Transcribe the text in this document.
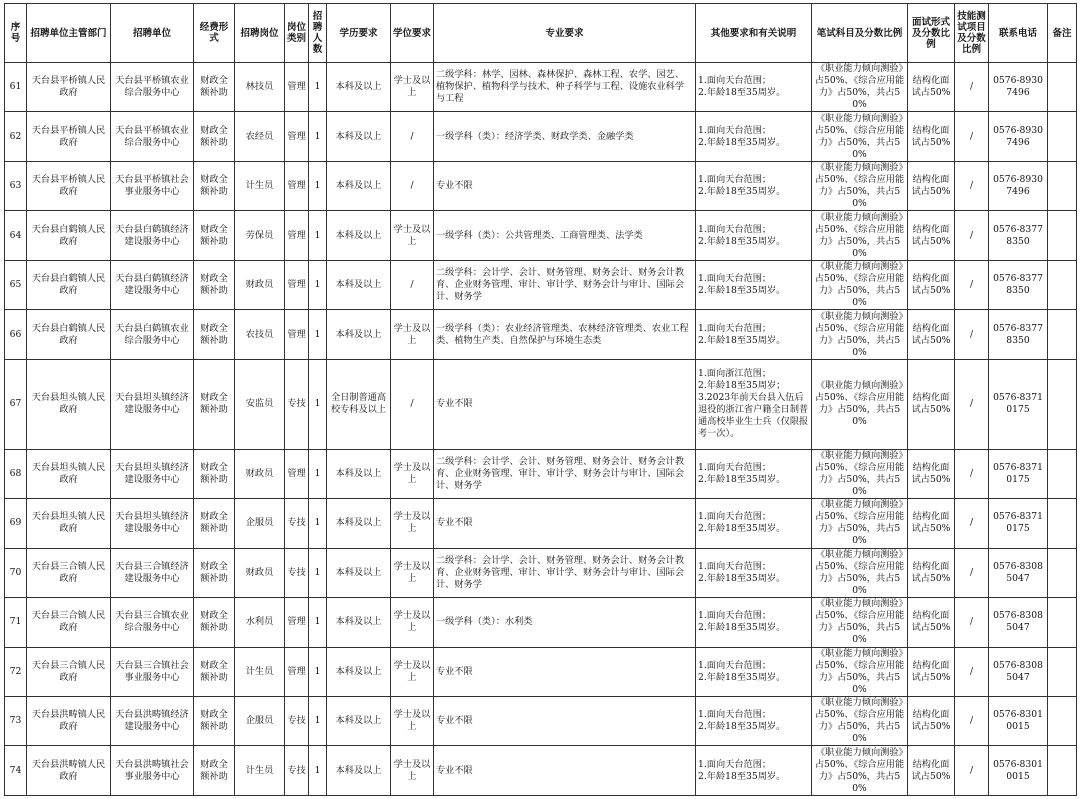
序号	招聘单位主管部门	招聘单位	经费形式	招聘岗位	岗位类别	招聘人数	学历要求	学位要求	专业要求	其他要求和有关说明	笔试科目及分数比例	面试形式及分数比例	技能测试项目及分数比例	联系电话	备注
61	天台县平桥镇人民政府	天台县平桥镇农业综合服务中心	财政全额补助	林技员	管理	1	本科及以上	学士及以上	二级学科：林学、园林、森林保护、森林工程、农学、园艺、植物保护、植物科学与技术、种子科学与工程、设施农业科学与工程	1.面向天台范围；
2.年龄18至35周岁。	《职业能力倾向测验》占50%、《综合应用能力》占50%，共占50%	结构化面试占50%	/	0576-89307496	
62	天台县平桥镇人民政府	天台县平桥镇农业综合服务中心	财政全额补助	农经员	管理	1	本科及以上	/	一级学科（类）：经济学类、财政学类、金融学类	1.面向天台范围；
2.年龄18至35周岁。	《职业能力倾向测验》占50%、《综合应用能力》占50%，共占50%	结构化面试占50%	/	0576-89307496	
63	天台县平桥镇人民政府	天台县平桥镇社会事业服务中心	财政全额补助	计生员	管理	1	本科及以上	/	专业不限	1.面向天台范围；
2.年龄18至35周岁。	《职业能力倾向测验》占50%、《综合应用能力》占50%，共占50%	结构化面试占50%	/	0576-89307496	
64	天台县白鹤镇人民政府	天台县白鹤镇经济建设服务中心	财政全额补助	劳保员	管理	1	本科及以上	学士及以上	一级学科（类）：公共管理类、工商管理类、法学类	1.面向天台范围；
2.年龄18至35周岁。	《职业能力倾向测验》占50%、《综合应用能力》占50%，共占50%	结构化面试占50%	/	0576-83778350	
65	天台县白鹤镇人民政府	天台县白鹤镇经济建设服务中心	财政全额补助	财政员	管理	1	本科及以上	/	二级学科：会计学、会计、财务管理、财务会计、财务会计教育、企业财务管理、审计、审计学、财务会计与审计、国际会计、财务学	1.面向天台范围；
2.年龄18至35周岁。	《职业能力倾向测验》占50%、《综合应用能力》占50%，共占50%	结构化面试占50%	/	0576-83778350	
66	天台县白鹤镇人民政府	天台县白鹤镇农业综合服务中心	财政全额补助	农技员	管理	1	本科及以上	学士及以上	一级学科（类）：农业经济管理类、农林经济管理类、农业工程类、植物生产类、自然保护与环境生态类	1.面向天台范围；
2.年龄18至35周岁。	《职业能力倾向测验》占50%、《综合应用能力》占50%，共占50%	结构化面试占50%	/	0576-83778350	
67	天台县坦头镇人民政府	天台县坦头镇经济建设服务中心	财政全额补助	安监员	专技	1	全日制普通高校专科及以上	/	专业不限	1.面向浙江范围；
2.年龄18至35周岁；
3.2023年前天台县入伍后退役的浙江省户籍全日制普通高校毕业生士兵（仅限报考一次）。	《职业能力倾向测验》占50%、《综合应用能力》占50%，共占50%	结构化面试占50%	/	0576-83710175	
68	天台县坦头镇人民政府	天台县坦头镇经济建设服务中心	财政全额补助	财政员	管理	1	本科及以上	学士及以上	二级学科：会计学、会计、财务管理、财务会计、财务会计教育、企业财务管理、审计、审计学、财务会计与审计、国际会计、财务学	1.面向天台范围；
2.年龄18至35周岁。	《职业能力倾向测验》占50%、《综合应用能力》占50%，共占50%	结构化面试占50%	/	0576-83710175	
69	天台县坦头镇人民政府	天台县坦头镇经济建设服务中心	财政全额补助	企服员	专技	1	本科及以上	学士及以上	专业不限	1.面向天台范围；
2.年龄18至35周岁。	《职业能力倾向测验》占50%、《综合应用能力》占50%，共占50%	结构化面试占50%	/	0576-83710175	
70	天台县三合镇人民政府	天台县三合镇经济建设服务中心	财政全额补助	财政员	专技	1	本科及以上	学士及以上	二级学科：会计学、会计、财务管理、财务会计、财务会计教育、企业财务管理、审计、审计学、财务会计与审计、国际会计、财务学	1.面向天台范围；
2.年龄18至35周岁。	《职业能力倾向测验》占50%、《综合应用能力》占50%，共占50%	结构化面试占50%	/	0576-83085047	
71	天台县三合镇人民政府	天台县三合镇农业综合服务中心	财政全额补助	水利员	管理	1	本科及以上	学士及以上	一级学科（类）：水利类	1.面向天台范围；
2.年龄18至35周岁。	《职业能力倾向测验》占50%、《综合应用能力》占50%，共占50%	结构化面试占50%	/	0576-83085047	
72	天台县三合镇人民政府	天台县三合镇社会事业服务中心	财政全额补助	计生员	管理	1	本科及以上	学士及以上	专业不限	1.面向天台范围；
2.年龄18至35周岁。	《职业能力倾向测验》占50%、《综合应用能力》占50%，共占50%	结构化面试占50%	/	0576-83085047	
73	天台县洪畴镇人民政府	天台县洪畴镇经济建设服务中心	财政全额补助	企服员	专技	1	本科及以上	学士及以上	专业不限	1.面向天台范围；
2.年龄18至35周岁。	《职业能力倾向测验》占50%、《综合应用能力》占50%，共占50%	结构化面试占50%	/	0576-83010015	
74	天台县洪畴镇人民政府	天台县洪畴镇社会事业服务中心	财政全额补助	计生员	专技	1	本科及以上	学士及以上	专业不限	1.面向天台范围；
2.年龄18至35周岁。	《职业能力倾向测验》占50%、《综合应用能力》占50%，共占50%	结构化面试占50%	/	0576-83010015	
